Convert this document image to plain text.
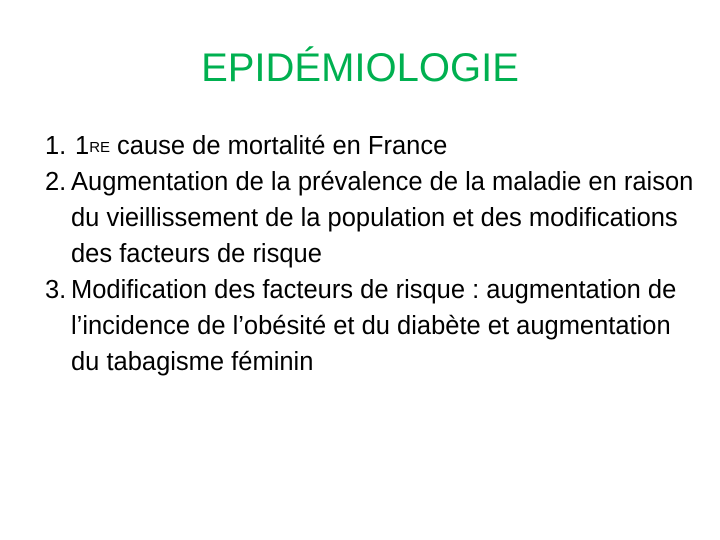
EPIDÉMIOLOGIE
1. 1RE cause de mortalité en France
2. Augmentation de la prévalence de la maladie en raison du vieillissement de la population et des modifications des facteurs de risque
3. Modification des facteurs de risque : augmentation de l’incidence de l’obésité et du diabète et augmentation du tabagisme féminin
